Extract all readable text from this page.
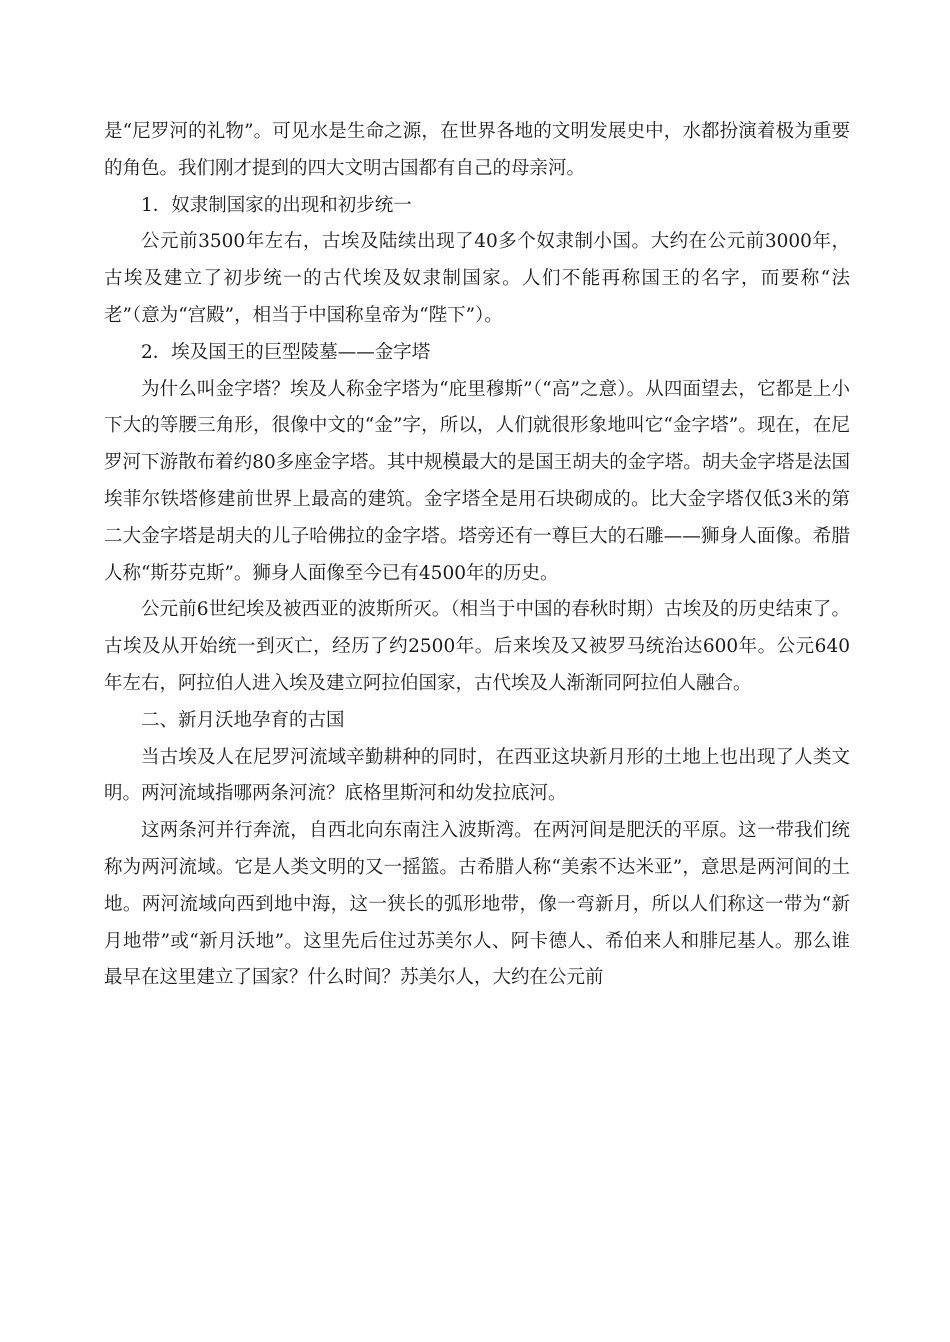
是“尼罗河的礼物”。可见水是生命之源，在世界各地的文明发展史中，水都扮演着极为重要的角色。我们刚才提到的四大文明古国都有自己的母亲河。

1．奴隶制国家的出现和初步统一

公元前3500年左右，古埃及陆续出现了40多个奴隶制小国。大约在公元前3000年，古埃及建立了初步统一的古代埃及奴隶制国家。人们不能再称国王的名字，而要称“法老”（意为“宫殿”，相当于中国称皇帝为“陛下”）。

2．埃及国王的巨型陵墓——金字塔

为什么叫金字塔？埃及人称金字塔为“庇里穆斯”（“高”之意）。从四面望去，它都是上小下大的等腰三角形，很像中文的“金”字，所以，人们就很形象地叫它“金字塔”。现在，在尼罗河下游散布着约80多座金字塔。其中规模最大的是国王胡夫的金字塔。胡夫金字塔是法国埃菲尔铁塔修建前世界上最高的建筑。金字塔全是用石块砌成的。比大金字塔仅低3米的第二大金字塔是胡夫的儿子哈佛拉的金字塔。塔旁还有一尊巨大的石雕——狮身人面像。希腊人称“斯芬克斯”。狮身人面像至今已有4500年的历史。

公元前6世纪埃及被西亚的波斯所灭。（相当于中国的春秋时期）古埃及的历史结束了。古埃及从开始统一到灭亡，经历了约2500年。后来埃及又被罗马统治达600年。公元640年左右，阿拉伯人进入埃及建立阿拉伯国家，古代埃及人渐渐同阿拉伯人融合。

二、新月沃地孕育的古国

当古埃及人在尼罗河流域辛勤耕种的同时，在西亚这块新月形的土地上也出现了人类文明。两河流域指哪两条河流？底格里斯河和幼发拉底河。

这两条河并行奔流，自西北向东南注入波斯湾。在两河间是肥沃的平原。这一带我们统称为两河流域。它是人类文明的又一摇篮。古希腊人称“美索不达米亚”，意思是两河间的土地。两河流域向西到地中海，这一狭长的弧形地带，像一弯新月，所以人们称这一带为“新月地带”或“新月沃地”。这里先后住过苏美尔人、阿卡德人、希伯来人和腓尼基人。那么谁最早在这里建立了国家？什么时间？苏美尔人，大约在公元前
